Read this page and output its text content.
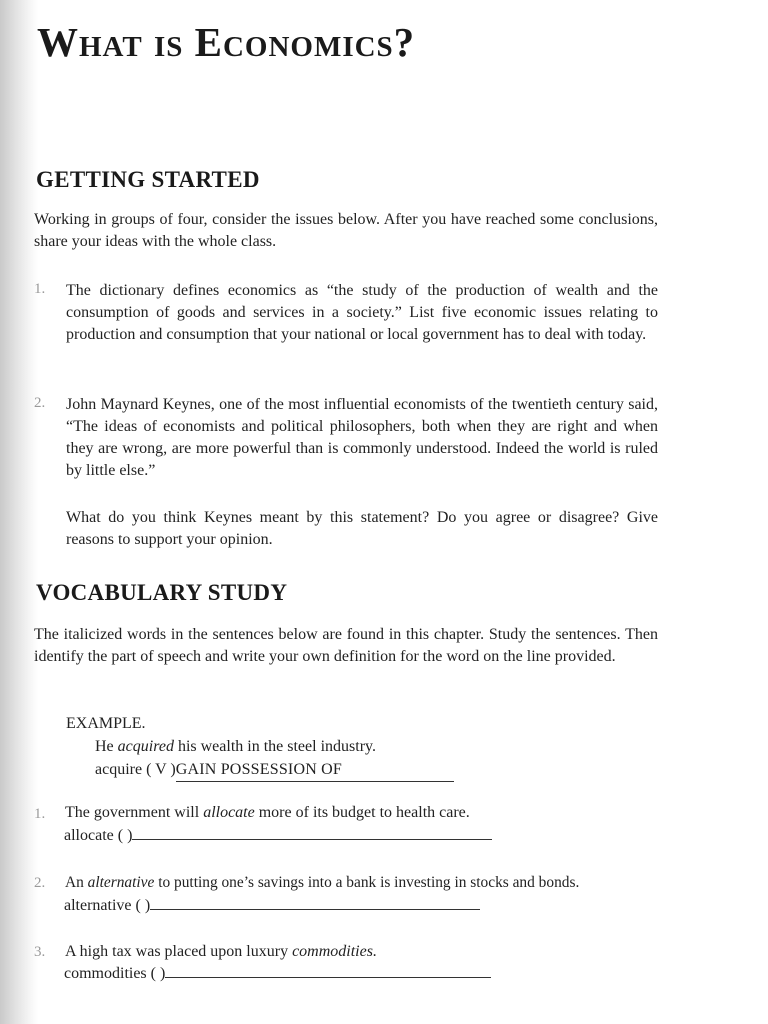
What is Economics?
GETTING STARTED

Working in groups of four, consider the issues below. After you have reached some conclusions, share your ideas with the whole class.

1. The dictionary defines economics as “the study of the production of wealth and the consumption of goods and services in a society.” List five economic issues relating to production and consumption that your national or local government has to deal with today.

2. John Maynard Keynes, one of the most influential economists of the twentieth century said, “The ideas of economists and political philosophers, both when they are right and when they are wrong, are more powerful than is commonly understood. Indeed the world is ruled by little else.”

What do you think Keynes meant by this statement? Do you agree or disagree? Give reasons to support your opinion.

VOCABULARY STUDY

The italicized words in the sentences below are found in this chapter. Study the sentences. Then identify the part of speech and write your own definition for the word on the line provided.

EXAMPLE.
He acquired his wealth in the steel industry.
acquire ( V )GAIN POSSESSION OF
1. The government will allocate more of its budget to health care.
allocate ( )
2. An alternative to putting one’s savings into a bank is investing in stocks and bonds.
alternative ( )
3. A high tax was placed upon luxury commodities.
commodities ( )
